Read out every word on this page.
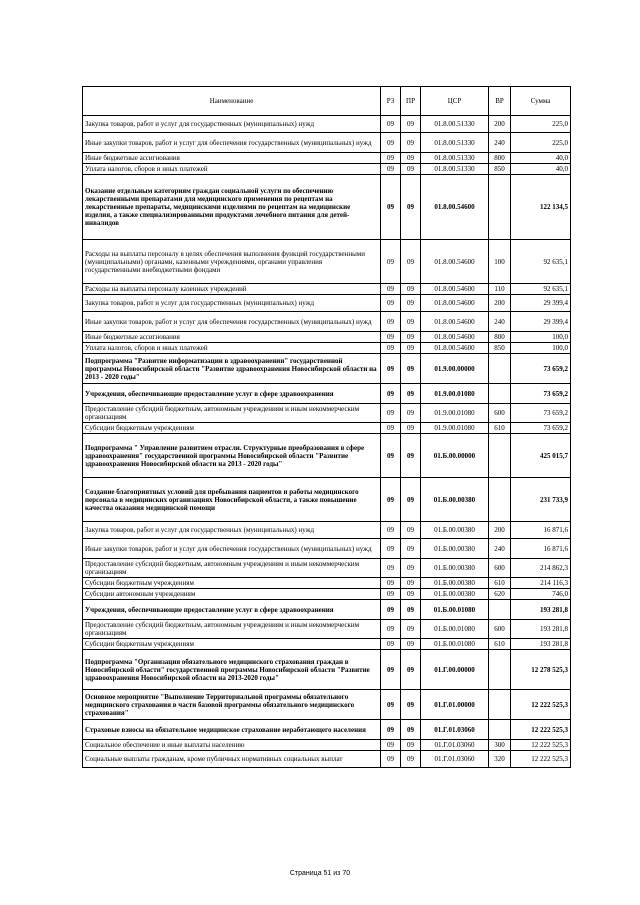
Наименование	РЗ	ПР	ЦСР	ВР	Сумма
Закупка товаров, работ и услуг для государственных (муниципальных) нужд	09	09	01.8.00.51330	200	225,0
Иные закупки товаров, работ и услуг для обеспечения государственных (муниципальных) нужд	09	09	01.8.00.51330	240	225,0
Иные бюджетные ассигнования	09	09	01.8.00.51330	800	40,0
Уплата налогов, сборов и иных платежей	09	09	01.8.00.51330	850	40,0
Оказание отдельным категориям граждан социальной услуги по обеспечению лекарственными препаратами для медицинского применения по рецептам на лекарственные препараты, медицинскими изделиями по рецептам на медицинские изделия, а также специализированными продуктами лечебного питания для детей-инвалидов	09	09	01.8.00.54600		122 134,5
Расходы на выплаты персоналу в целях обеспечения выполнения функций государственными (муниципальными) органами, казенными учреждениями, органами управления государственными внебюджетными фондами	09	09	01.8.00.54600	100	92 635,1
Расходы на выплаты персоналу казенных учреждений	09	09	01.8.00.54600	110	92 635,1
Закупка товаров, работ и услуг для государственных (муниципальных) нужд	09	09	01.8.00.54600	200	29 399,4
Иные закупки товаров, работ и услуг для обеспечения государственных (муниципальных) нужд	09	09	01.8.00.54600	240	29 399,4
Иные бюджетные ассигнования	09	09	01.8.00.54600	800	100,0
Уплата налогов, сборов и иных платежей	09	09	01.8.00.54600	850	100,0
Подпрограмма "Развитие информатизации в здравоохранении" государственной программы Новосибирской области "Развитие здравоохранения Новосибирской области на 2013 - 2020 годы"	09	09	01.9.00.00000		73 659,2
Учреждения, обеспечивающие предоставление услуг в сфере здравоохранения	09	09	01.9.00.01080		73 659,2
Предоставление субсидий бюджетным, автономным учреждениям и иным некоммерческим организациям	09	09	01.9.00.01080	600	73 659,2
Субсидии бюджетным учреждениям	09	09	01.9.00.01080	610	73 659,2
Подпрограмма " Управление развитием отрасли. Структурные преобразования в сфере здравоохранения" государственной программы Новосибирской области "Развитие здравоохранения Новосибирской области на 2013 - 2020 годы"	09	09	01.Б.00.00000		425 015,7
Создание благоприятных условий для пребывания пациентов и работы медицинского персонала в медицинских организациях Новосибирской области, а также повышение качества оказания медицинской помощи	09	09	01.Б.00.00380		231 733,9
Закупка товаров, работ и услуг для государственных (муниципальных) нужд	09	09	01.Б.00.00380	200	16 871,6
Иные закупки товаров, работ и услуг для обеспечения государственных (муниципальных) нужд	09	09	01.Б.00.00380	240	16 871,6
Предоставление субсидий бюджетным, автономным учреждениям и иным некоммерческим организациям	09	09	01.Б.00.00380	600	214 862,3
Субсидии бюджетным учреждениям	09	09	01.Б.00.00380	610	214 116,3
Субсидии автономным учреждениям	09	09	01.Б.00.00380	620	746,0
Учреждения, обеспечивающие предоставление услуг в сфере здравоохранения	09	09	01.Б.00.01080		193 281,8
Предоставление субсидий бюджетным, автономным учреждениям и иным некоммерческим организациям	09	09	01.Б.00.01080	600	193 281,8
Субсидии бюджетным учреждениям	09	09	01.Б.00.01080	610	193 281,8
Подпрограмма "Организация обязательного медицинского страхования граждан в Новосибирской области" государственной программы Новосибирской области "Развитие здравоохранения Новосибирской области на 2013-2020 годы"	09	09	01.Г.00.00000		12 278 525,3
Основное мероприятие "Выполнение Территориальной программы обязательного медицинского страхования в части базовой программы обязательного медицинского страхования"	09	09	01.Г.01.00000		12 222 525,3
Страховые взносы на обязательное медицинское страхование неработающего населения	09	09	01.Г.01.03060		12 222 525,3
Социальное обеспечение и иные выплаты населению	09	09	01.Г.01.03060	300	12 222 525,3
Социальные выплаты гражданам, кроме публичных нормативных социальных выплат	09	09	01.Г.01.03060	320	12 222 525,3
Страница 51 из 70
